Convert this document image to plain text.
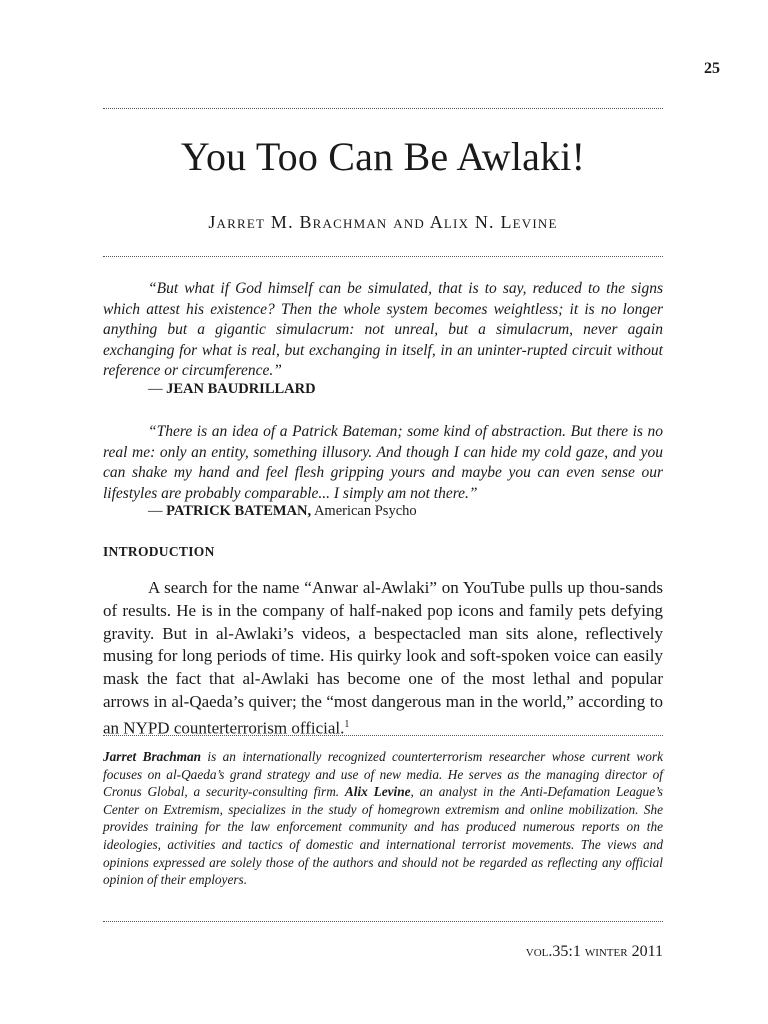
25
You Too Can Be Awlaki!
Jarret M. Brachman and Alix N. Levine

“But what if God himself can be simulated, that is to say, reduced to the signs which attest his existence? Then the whole system becomes weightless; it is no longer anything but a gigantic simulacrum: not unreal, but a simulacrum, never again exchanging for what is real, but exchanging in itself, in an uninter-rupted circuit without reference or circumference.”

— JEAN BAUDRILLARD

“There is an idea of a Patrick Bateman; some kind of abstraction. But there is no real me: only an entity, something illusory. And though I can hide my cold gaze, and you can shake my hand and feel flesh gripping yours and maybe you can even sense our lifestyles are probably comparable... I simply am not there.”

— PATRICK BATEMAN, American Psycho
INTRODUCTION

A search for the name “Anwar al-Awlaki” on YouTube pulls up thou-sands of results. He is in the company of half-naked pop icons and family pets defying gravity. But in al-Awlaki’s videos, a bespectacled man sits alone, reflectively musing for long periods of time. His quirky look and soft-spoken voice can easily mask the fact that al-Awlaki has become one of the most lethal and popular arrows in al-Qaeda’s quiver; the “most dangerous man in the world,” according to an NYPD counterterrorism official.$^1$

Jarret Brachman is an internationally recognized counterterrorism researcher whose current work focuses on al-Qaeda’s grand strategy and use of new media. He serves as the managing director of Cronus Global, a security-consulting firm. Alix Levine, an analyst in the Anti-Defamation League’s Center on Extremism, specializes in the study of homegrown extremism and online mobilization. She provides training for the law enforcement community and has produced numerous reports on the ideologies, activities and tactics of domestic and international terrorist movements. The views and opinions expressed are solely those of the authors and should not be regarded as reflecting any official opinion of their employers.

vol.35:1 winter 2011
